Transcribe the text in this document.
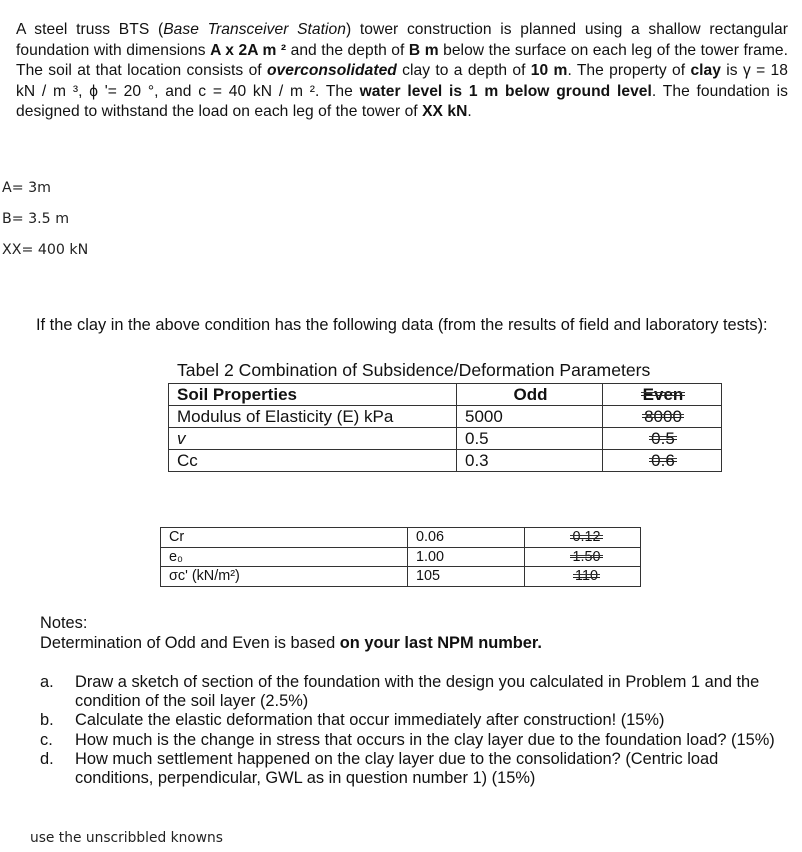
A steel truss BTS (Base Transceiver Station) tower construction is planned using a shallow rectangular foundation with dimensions A x 2A m ² and the depth of B m below the surface on each leg of the tower frame. The soil at that location consists of overconsolidated clay to a depth of 10 m. The property of clay is γ = 18 kN / m ³, ϕ '= 20 °, and c = 40 kN / m ². The water level is 1 m below ground level. The foundation is designed to withstand the load on each leg of the tower of XX kN.
A= 3m
B= 3.5 m
XX= 400 kN
If the clay in the above condition has the following data (from the results of field and laboratory tests):
Tabel 2 Combination of Subsidence/Deformation Parameters
Soil Properties	Odd	Even
Modulus of Elasticity (E) kPa	5000	8000
v	0.5	0.5
Cc	0.3	0.6
Cr	0.06	0.12
e₀	1.00	1.50
σc' (kN/m²)	105	110
Notes:
Determination of Odd and Even is based on your last NPM number.
a. Draw a sketch of section of the foundation with the design you calculated in Problem 1 and the condition of the soil layer (2.5%)
b. Calculate the elastic deformation that occur immediately after construction! (15%)
c. How much is the change in stress that occurs in the clay layer due to the foundation load? (15%)
d. How much settlement happened on the clay layer due to the consolidation? (Centric load conditions, perpendicular, GWL as in question number 1) (15%)
use the unscribbled knowns
